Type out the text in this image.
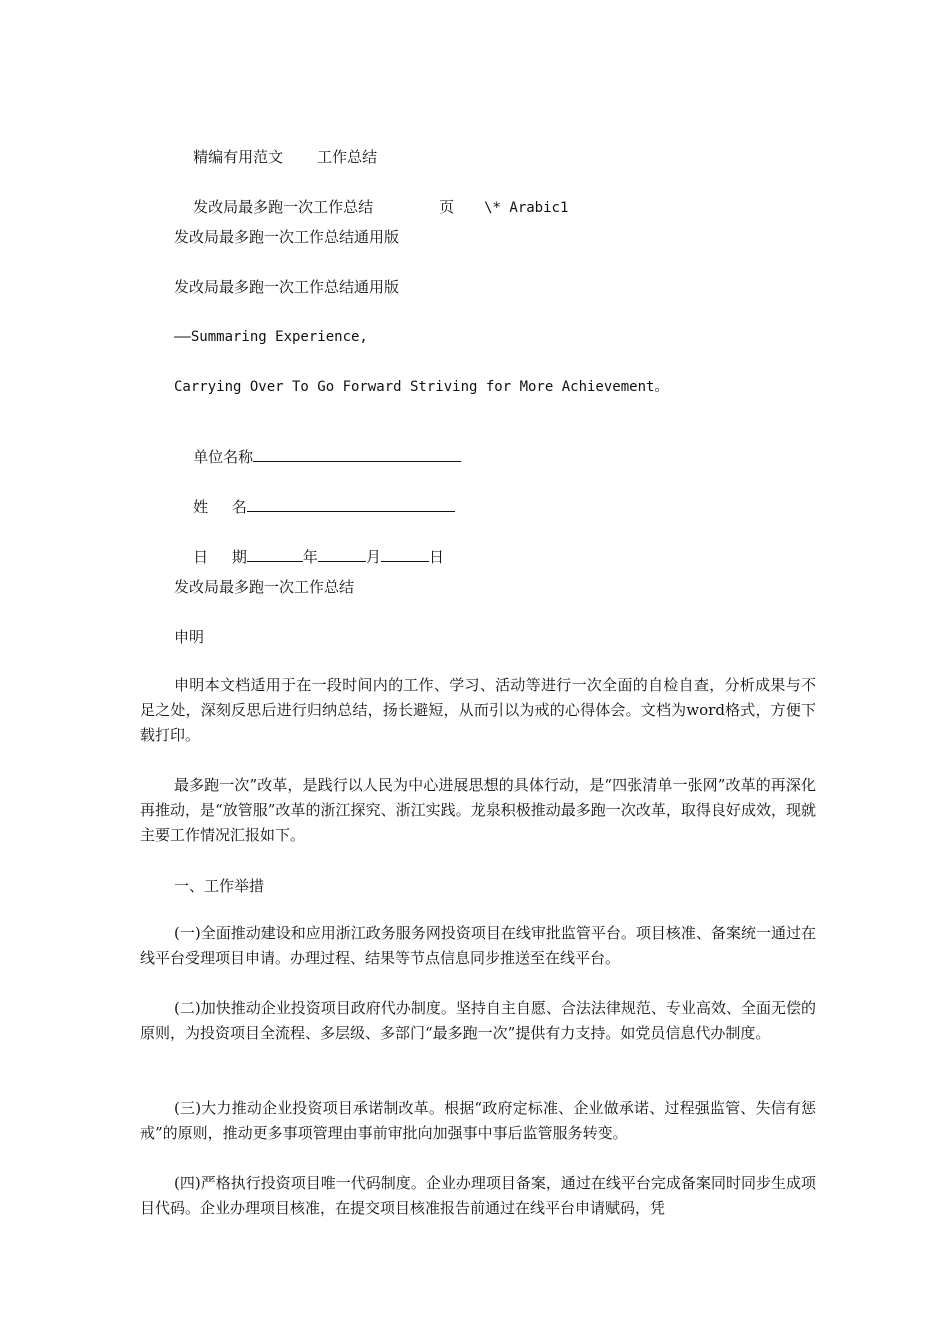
精编有用范文 工作总结

发改局最多跑一次工作总结	页 \* Arabic1

发改局最多跑一次工作总结通用版
发改局最多跑一次工作总结通用版
——Summaring Experience,
Carrying Over To Go Forward Striving for More Achievement。

单位名称

姓     名

日     期	年	月	日

发改局最多跑一次工作总结
申明
申明本文档适用于在一段时间内的工作、学习、活动等进行一次全面的自检自查，分析成果与不足之处，深刻反思后进行归纳总结，扬长避短，从而引以为戒的心得体会。文档为word格式，方便下载打印。
最多跑一次”改革，是践行以人民为中心进展思想的具体行动，是“四张清单一张网”改革的再深化再推动，是“放管服”改革的浙江探究、浙江实践。龙泉积极推动最多跑一次改革，取得良好成效，现就主要工作情况汇报如下。
一、工作举措
(一)全面推动建设和应用浙江政务服务网投资项目在线审批监管平台。项目核准、备案统一通过在线平台受理项目申请。办理过程、结果等节点信息同步推送至在线平台。
(二)加快推动企业投资项目政府代办制度。坚持自主自愿、合法法律规范、专业高效、全面无偿的原则，为投资项目全流程、多层级、多部门“最多跑一次”提供有力支持。如党员信息代办制度。
(三)大力推动企业投资项目承诺制改革。根据“政府定标准、企业做承诺、过程强监管、失信有惩戒”的原则，推动更多事项管理由事前审批向加强事中事后监管服务转变。
(四)严格执行投资项目唯一代码制度。企业办理项目备案，通过在线平台完成备案同时同步生成项目代码。企业办理项目核准，在提交项目核准报告前通过在线平台申请赋码，凭
